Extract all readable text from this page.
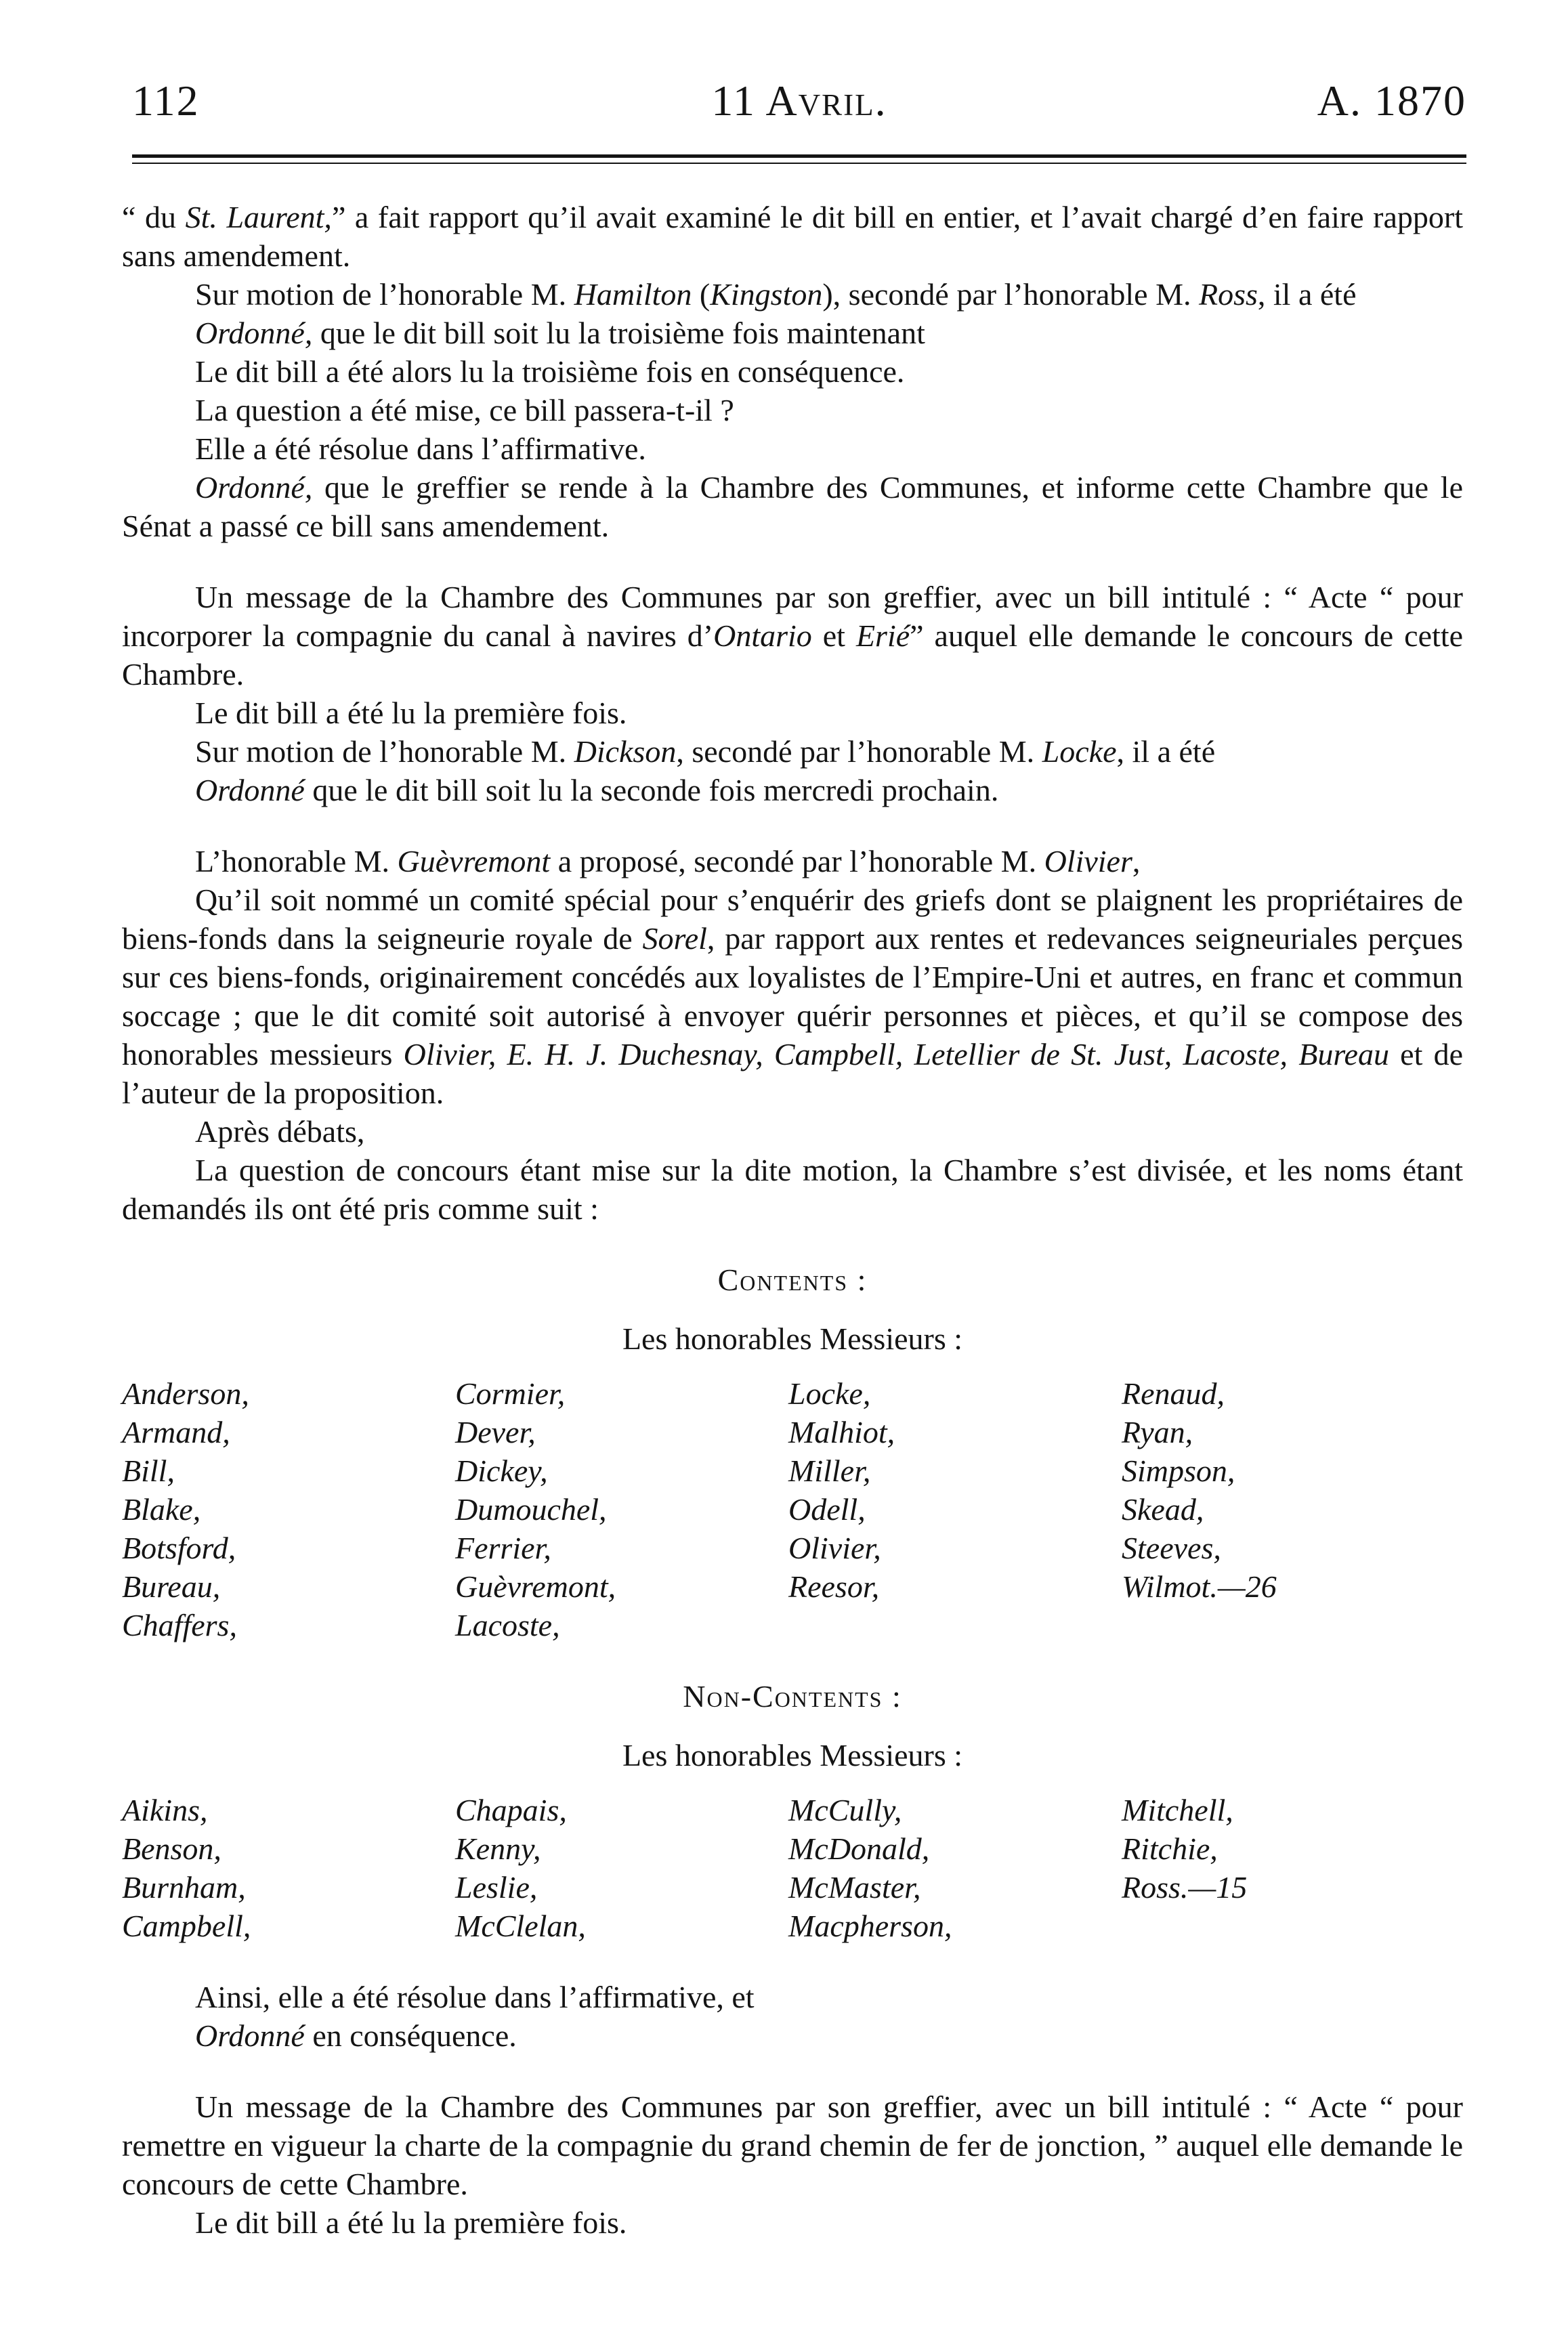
112	11 Avril.	A. 1870

“ du St. Laurent,” a fait rapport qu’il avait examiné le dit bill en entier, et l’avait chargé d’en faire rapport sans amendement.

Sur motion de l’honorable M. Hamilton (Kingston), secondé par l’honorable M. Ross, il a été

Ordonné, que le dit bill soit lu la troisième fois maintenant

Le dit bill a été alors lu la troisième fois en conséquence.

La question a été mise, ce bill passera-t-il ?

Elle a été résolue dans l’affirmative.

Ordonné, que le greffier se rende à la Chambre des Communes, et informe cette Chambre que le Sénat a passé ce bill sans amendement.

Un message de la Chambre des Communes par son greffier, avec un bill intitulé : “ Acte “ pour incorporer la compagnie du canal à navires d’Ontario et Erié” auquel elle demande le concours de cette Chambre.

Le dit bill a été lu la première fois.

Sur motion de l’honorable M. Dickson, secondé par l’honorable M. Locke, il a été

Ordonné que le dit bill soit lu la seconde fois mercredi prochain.

L’honorable M. Guèvremont a proposé, secondé par l’honorable M. Olivier,

Qu’il soit nommé un comité spécial pour s’enquérir des griefs dont se plaignent les propriétaires de biens-fonds dans la seigneurie royale de Sorel, par rapport aux rentes et redevances seigneuriales perçues sur ces biens-fonds, originairement concédés aux loyalistes de l’Empire-Uni et autres, en franc et commun soccage ; que le dit comité soit autorisé à envoyer quérir personnes et pièces, et qu’il se compose des honorables messieurs Olivier, E. H. J. Duchesnay, Campbell, Letellier de St. Just, Lacoste, Bureau et de l’auteur de la proposition.

Après débats,

La question de concours étant mise sur la dite motion, la Chambre s’est divisée, et les noms étant demandés ils ont été pris comme suit :

Contents :

Les honorables Messieurs :

Anderson,
Armand,
Bill,
Blake,
Botsford,
Bureau,
Chaffers,
Cormier,
Dever,
Dickey,
Dumouchel,
Ferrier,
Guèvremont,
Lacoste,
Locke,
Malhiot,
Miller,
Odell,
Olivier,
Reesor,
Renaud,
Ryan,
Simpson,
Skead,
Steeves,
Wilmot.—26

Non-Contents :

Les honorables Messieurs :

Aikins,
Benson,
Burnham,
Campbell,
Chapais,
Kenny,
Leslie,
McClelan,
McCully,
McDonald,
McMaster,
Macpherson,
Mitchell,
Ritchie,
Ross.—15

Ainsi, elle a été résolue dans l’affirmative, et

Ordonné en conséquence.

Un message de la Chambre des Communes par son greffier, avec un bill intitulé : “ Acte “ pour remettre en vigueur la charte de la compagnie du grand chemin de fer de jonction, ” auquel elle demande le concours de cette Chambre.

Le dit bill a été lu la première fois.
